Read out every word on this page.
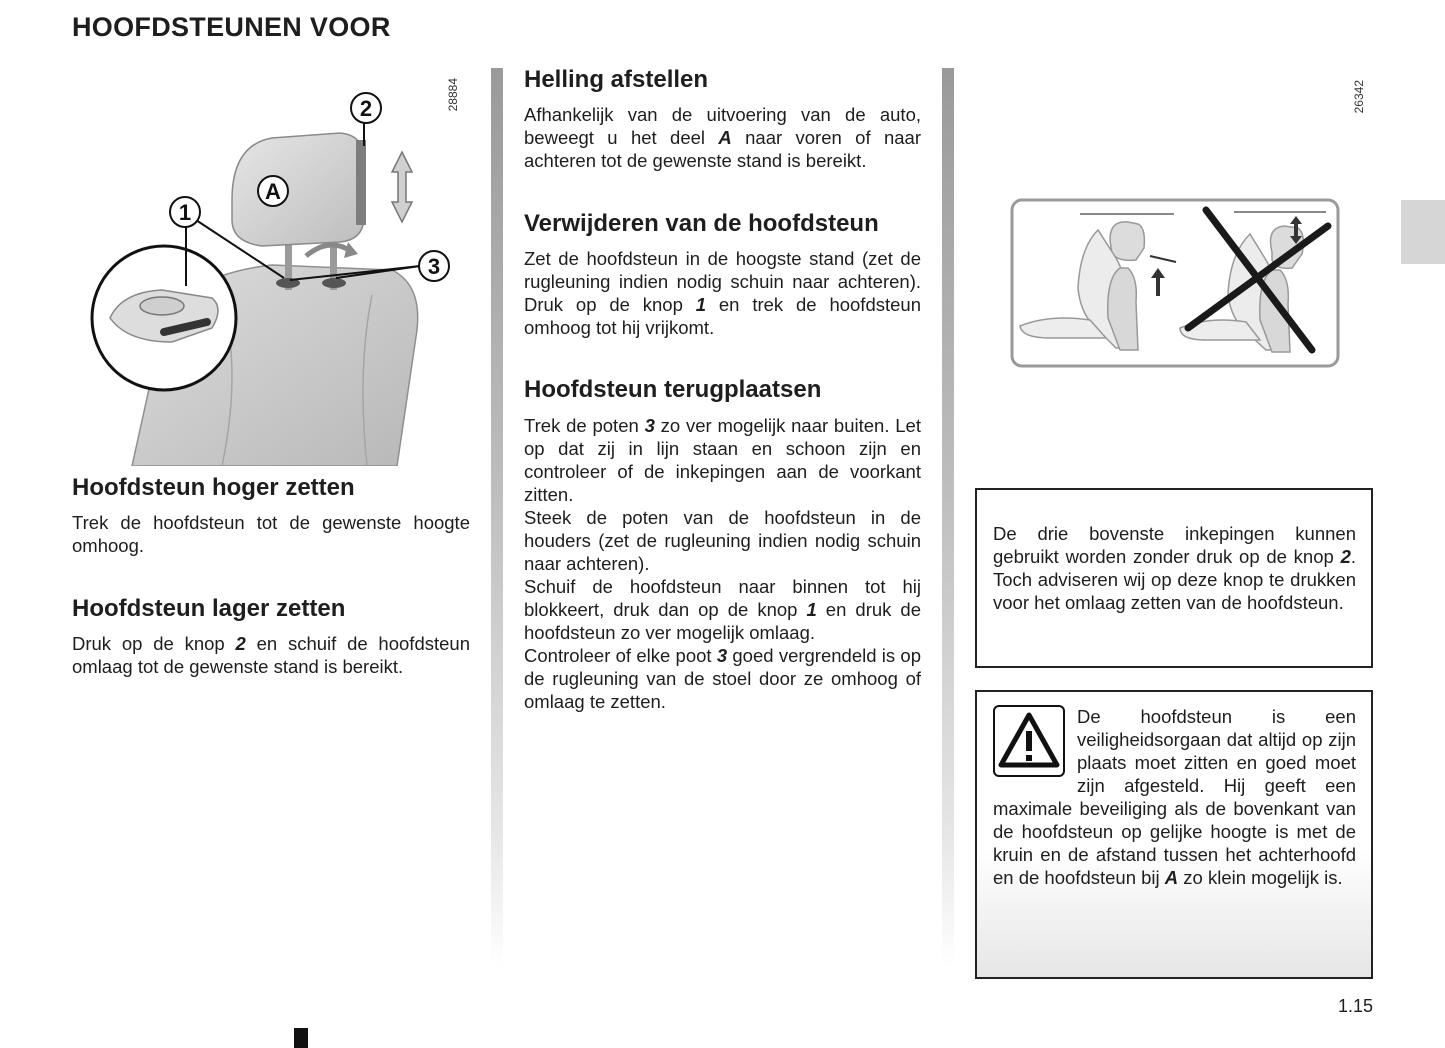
HOOFDSTEUNEN VOOR
2
A
1
3
28884
Hoofdsteun hoger zetten

Trek de hoofdsteun tot de gewenste hoogte omhoog.

Hoofdsteun lager zetten

Druk op de knop 2 en schuif de hoofdsteun omlaag tot de gewenste stand is bereikt.

Helling afstellen

Afhankelijk van de uitvoering van de auto, beweegt u het deel A naar voren of naar achteren tot de gewenste stand is bereikt.

Verwijderen van de hoofdsteun

Zet de hoofdsteun in de hoogste stand (zet de rugleuning indien nodig schuin naar achteren). Druk op de knop 1 en trek de hoofdsteun omhoog tot hij vrijkomt.

Hoofdsteun terugplaatsen

Trek de poten 3 zo ver mogelijk naar buiten. Let op dat zij in lijn staan en schoon zijn en controleer of de inkepingen aan de voorkant zitten.

Steek de poten van de hoofdsteun in de houders (zet de rugleuning indien nodig schuin naar achteren).

Schuif de hoofdsteun naar binnen tot hij blokkeert, druk dan op de knop 1 en druk de hoofdsteun zo ver mogelijk omlaag.

Controleer of elke poot 3 goed vergrendeld is op de rugleuning van de stoel door ze omhoog of omlaag te zetten.

26342

De drie bovenste inkepingen kunnen gebruikt worden zonder druk op de knop 2. Toch adviseren wij op deze knop te drukken voor het omlaag zetten van de hoofdsteun.

De hoofdsteun is een veiligheidsorgaan dat altijd op zijn plaats moet zitten en goed moet zijn afgesteld. Hij geeft een maximale beveiliging als de bovenkant van de hoofdsteun op gelijke hoogte is met de kruin en de afstand tussen het achterhoofd en de hoofdsteun bij A zo klein mogelijk is.
1.15
